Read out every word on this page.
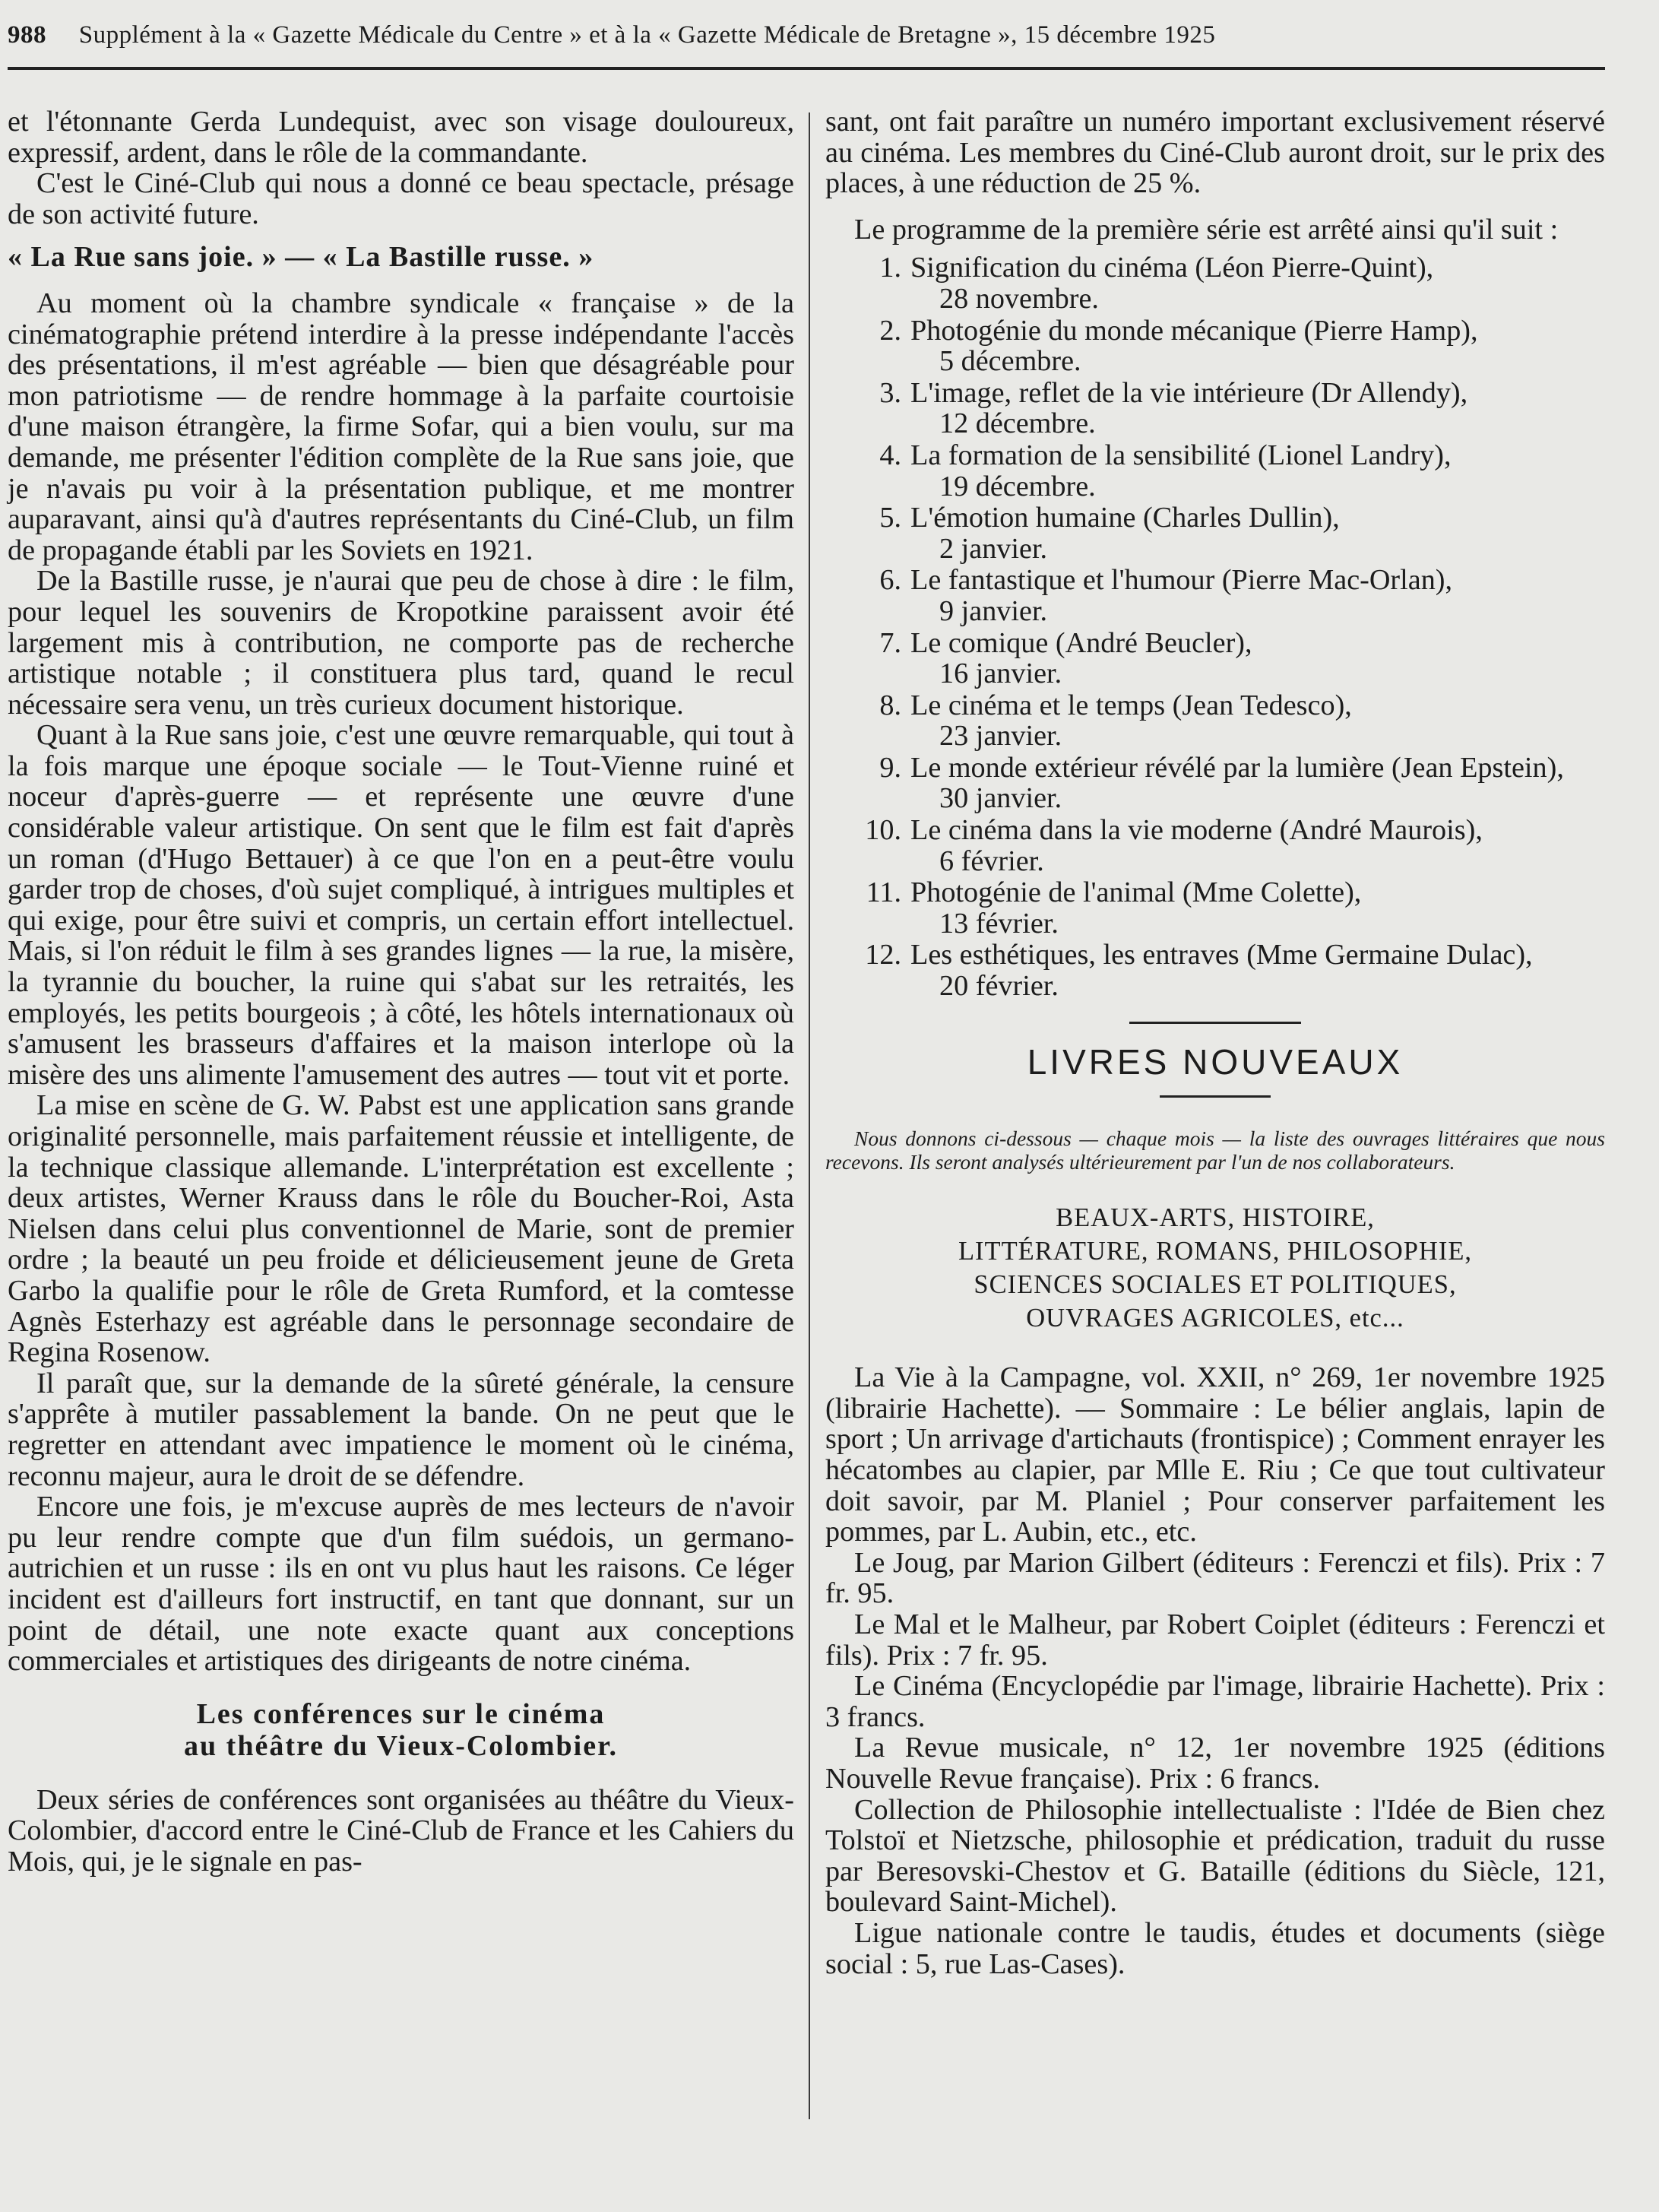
988 Supplément à la « Gazette Médicale du Centre » et à la « Gazette Médicale de Bretagne », 15 décembre 1925

et l'étonnante Gerda Lundequist, avec son visage douloureux, expressif, ardent, dans le rôle de la commandante.

C'est le Ciné-Club qui nous a donné ce beau spectacle, présage de son activité future.

« La Rue sans joie. » — « La Bastille russe. »

Au moment où la chambre syndicale « française » de la cinématographie prétend interdire à la presse indépendante l'accès des présentations, il m'est agréable — bien que désagréable pour mon patriotisme — de rendre hommage à la parfaite courtoisie d'une maison étrangère, la firme Sofar, qui a bien voulu, sur ma demande, me présenter l'édition complète de la Rue sans joie, que je n'avais pu voir à la présentation publique, et me montrer auparavant, ainsi qu'à d'autres représentants du Ciné-Club, un film de propagande établi par les Soviets en 1921.

De la Bastille russe, je n'aurai que peu de chose à dire : le film, pour lequel les souvenirs de Kropotkine paraissent avoir été largement mis à contribution, ne comporte pas de recherche artistique notable ; il constituera plus tard, quand le recul nécessaire sera venu, un très curieux document historique.

Quant à la Rue sans joie, c'est une œuvre remarquable, qui tout à la fois marque une époque sociale — le Tout-Vienne ruiné et noceur d'après-guerre — et représente une œuvre d'une considérable valeur artistique. On sent que le film est fait d'après un roman (d'Hugo Bettauer) à ce que l'on en a peut-être voulu garder trop de choses, d'où sujet compliqué, à intrigues multiples et qui exige, pour être suivi et compris, un certain effort intellectuel. Mais, si l'on réduit le film à ses grandes lignes — la rue, la misère, la tyrannie du boucher, la ruine qui s'abat sur les retraités, les employés, les petits bourgeois ; à côté, les hôtels internationaux où s'amusent les brasseurs d'affaires et la maison interlope où la misère des uns alimente l'amusement des autres — tout vit et porte.

La mise en scène de G. W. Pabst est une application sans grande originalité personnelle, mais parfaitement réussie et intelligente, de la technique classique allemande. L'interprétation est excellente ; deux artistes, Werner Krauss dans le rôle du Boucher-Roi, Asta Nielsen dans celui plus conventionnel de Marie, sont de premier ordre ; la beauté un peu froide et délicieusement jeune de Greta Garbo la qualifie pour le rôle de Greta Rumford, et la comtesse Agnès Esterhazy est agréable dans le personnage secondaire de Regina Rosenow.

Il paraît que, sur la demande de la sûreté générale, la censure s'apprête à mutiler passablement la bande. On ne peut que le regretter en attendant avec impatience le moment où le cinéma, reconnu majeur, aura le droit de se défendre.

Encore une fois, je m'excuse auprès de mes lecteurs de n'avoir pu leur rendre compte que d'un film suédois, un germano-autrichien et un russe : ils en ont vu plus haut les raisons. Ce léger incident est d'ailleurs fort instructif, en tant que donnant, sur un point de détail, une note exacte quant aux conceptions commerciales et artistiques des dirigeants de notre cinéma.

Les conférences sur le cinéma
au théâtre du Vieux-Colombier.

Deux séries de conférences sont organisées au théâtre du Vieux-Colombier, d'accord entre le Ciné-Club de France et les Cahiers du Mois, qui, je le signale en pas-

sant, ont fait paraître un numéro important exclusivement réservé au cinéma. Les membres du Ciné-Club auront droit, sur le prix des places, à une réduction de 25 %.

Le programme de la première série est arrêté ainsi qu'il suit :

1. Signification du cinéma (Léon Pierre-Quint),
28 novembre.
2. Photogénie du monde mécanique (Pierre Hamp),
5 décembre.
3. L'image, reflet de la vie intérieure (Dr Allendy),
12 décembre.
4. La formation de la sensibilité (Lionel Landry),
19 décembre.
5. L'émotion humaine (Charles Dullin),
2 janvier.
6. Le fantastique et l'humour (Pierre Mac-Orlan),
9 janvier.
7. Le comique (André Beucler),
16 janvier.
8. Le cinéma et le temps (Jean Tedesco),
23 janvier.
9. Le monde extérieur révélé par la lumière (Jean Epstein),
30 janvier.
10. Le cinéma dans la vie moderne (André Maurois),
6 février.
11. Photogénie de l'animal (Mme Colette),
13 février.
12. Les esthétiques, les entraves (Mme Germaine Dulac),
20 février.
LIVRES NOUVEAUX

Nous donnons ci-dessous — chaque mois — la liste des ouvrages littéraires que nous recevons. Ils seront analysés ultérieurement par l'un de nos collaborateurs.

BEAUX-ARTS, HISTOIRE,
LITTÉRATURE, ROMANS, PHILOSOPHIE,
SCIENCES SOCIALES ET POLITIQUES,
OUVRAGES AGRICOLES, etc...

La Vie à la Campagne, vol. XXII, n° 269, 1er novembre 1925 (librairie Hachette). — Sommaire : Le bélier anglais, lapin de sport ; Un arrivage d'artichauts (frontispice) ; Comment enrayer les hécatombes au clapier, par Mlle E. Riu ; Ce que tout cultivateur doit savoir, par M. Planiel ; Pour conserver parfaitement les pommes, par L. Aubin, etc., etc.

Le Joug, par Marion Gilbert (éditeurs : Ferenczi et fils). Prix : 7 fr. 95.

Le Mal et le Malheur, par Robert Coiplet (éditeurs : Ferenczi et fils). Prix : 7 fr. 95.

Le Cinéma (Encyclopédie par l'image, librairie Hachette). Prix : 3 francs.

La Revue musicale, n° 12, 1er novembre 1925 (éditions Nouvelle Revue française). Prix : 6 francs.

Collection de Philosophie intellectualiste : l'Idée de Bien chez Tolstoï et Nietzsche, philosophie et prédication, traduit du russe par Beresovski-Chestov et G. Bataille (éditions du Siècle, 121, boulevard Saint-Michel).

Ligue nationale contre le taudis, études et documents (siège social : 5, rue Las-Cases).
